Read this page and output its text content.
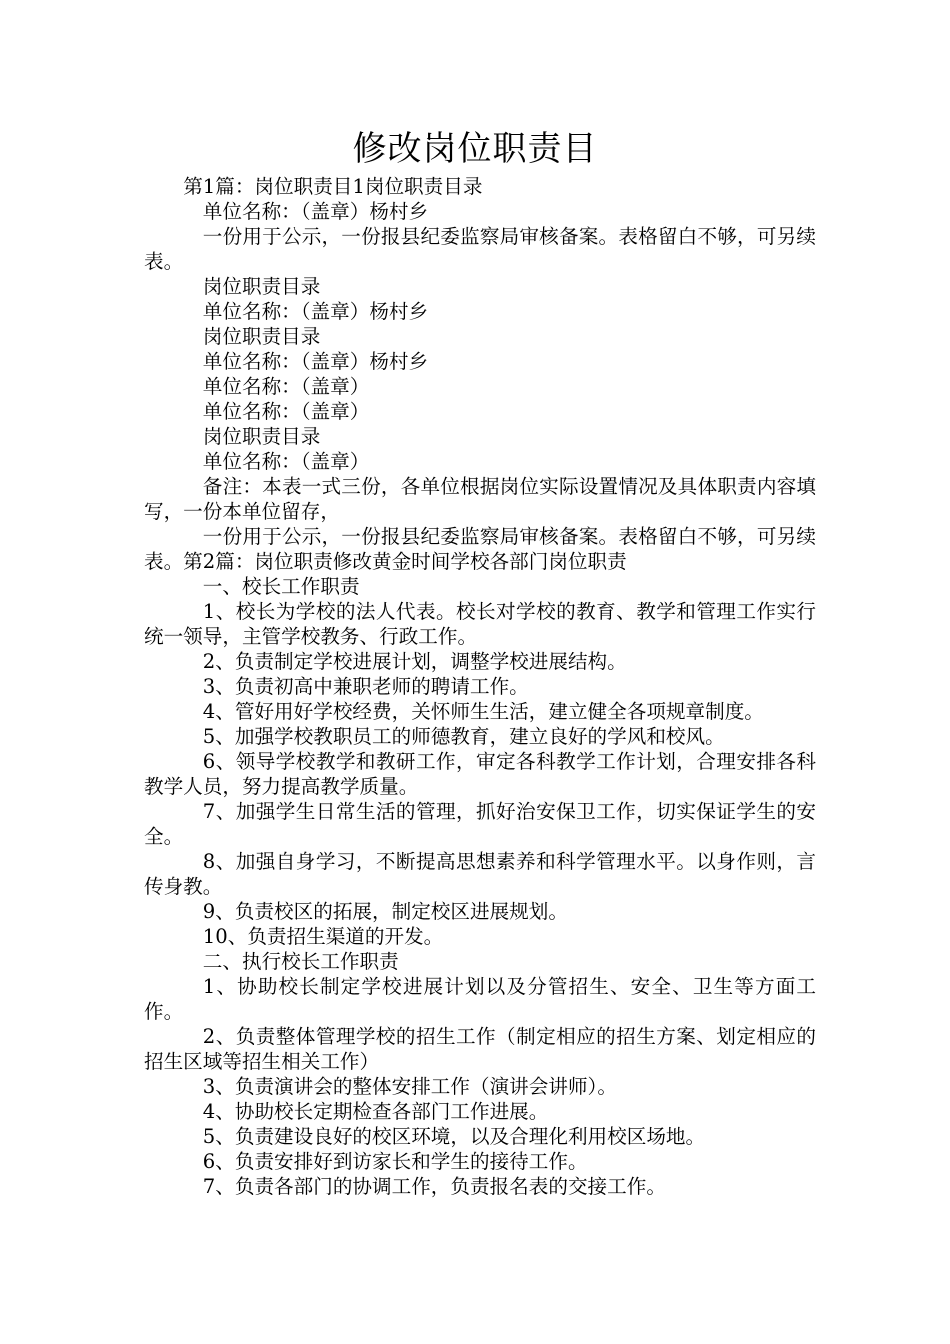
修改岗位职责目

第1篇：岗位职责目1岗位职责目录

单位名称：（盖章）杨村乡

一份用于公示，一份报县纪委监察局审核备案。表格留白不够，可另续表。

岗位职责目录

单位名称：（盖章）杨村乡

岗位职责目录

单位名称：（盖章）杨村乡

单位名称：（盖章）

单位名称：（盖章）

岗位职责目录

单位名称：（盖章）

备注：本表一式三份，各单位根据岗位实际设置情况及具体职责内容填写，一份本单位留存，

一份用于公示，一份报县纪委监察局审核备案。表格留白不够，可另续表。第2篇：岗位职责修改黄金时间学校各部门岗位职责

一、校长工作职责

1、校长为学校的法人代表。校长对学校的教育、教学和管理工作实行统一领导，主管学校教务、行政工作。

2、负责制定学校进展计划，调整学校进展结构。

3、负责初高中兼职老师的聘请工作。

4、管好用好学校经费，关怀师生生活，建立健全各项规章制度。

5、加强学校教职员工的师德教育，建立良好的学风和校风。

6、领导学校教学和教研工作，审定各科教学工作计划，合理安排各科教学人员，努力提高教学质量。

7、加强学生日常生活的管理，抓好治安保卫工作，切实保证学生的安全。

8、加强自身学习，不断提高思想素养和科学管理水平。以身作则，言传身教。

9、负责校区的拓展，制定校区进展规划。

10、负责招生渠道的开发。

二、执行校长工作职责

1、协助校长制定学校进展计划以及分管招生、安全、卫生等方面工作。

2、负责整体管理学校的招生工作（制定相应的招生方案、划定相应的招生区域等招生相关工作）

3、负责演讲会的整体安排工作（演讲会讲师）。

4、协助校长定期检查各部门工作进展。

5、负责建设良好的校区环境，以及合理化利用校区场地。

6、负责安排好到访家长和学生的接待工作。

7、负责各部门的协调工作，负责报名表的交接工作。
